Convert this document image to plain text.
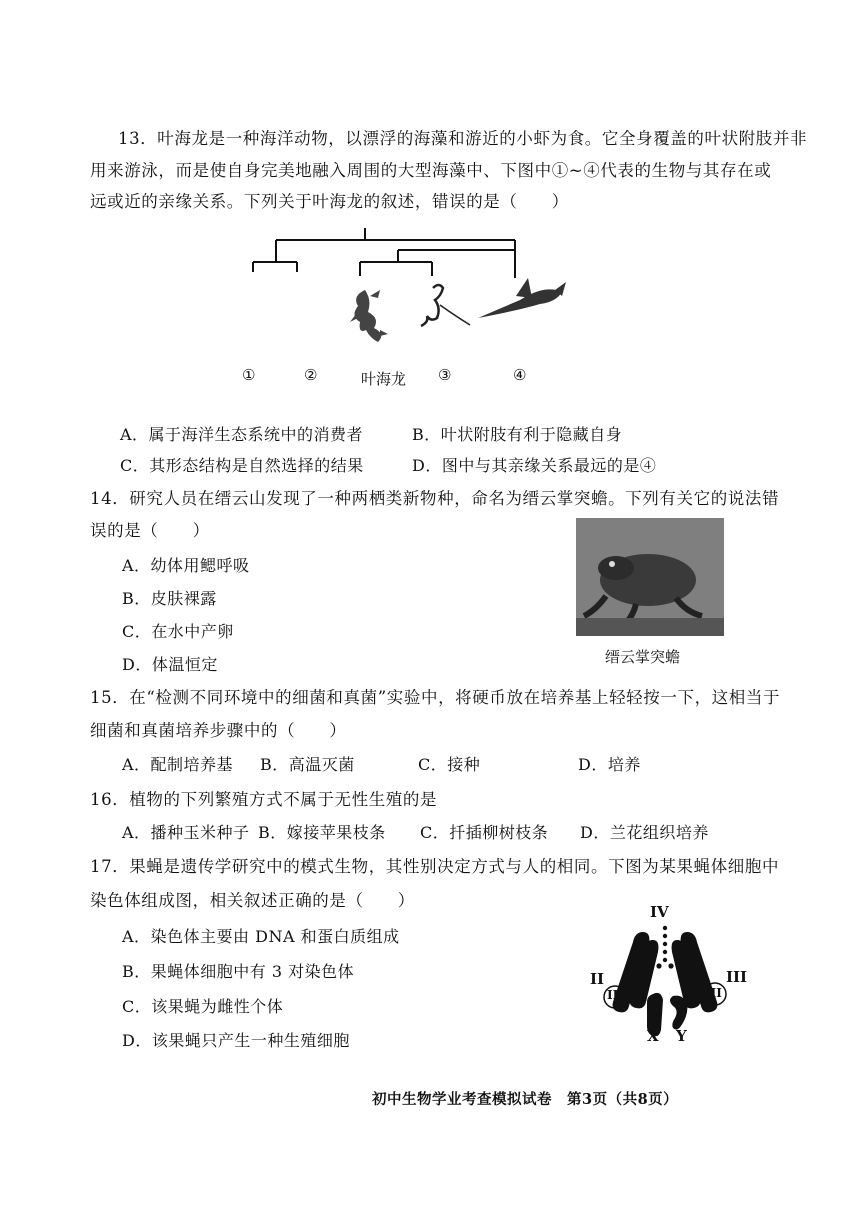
13．叶海龙是一种海洋动物，以漂浮的海藻和游近的小虾为食。它全身覆盖的叶状附肢并非
用来游泳，而是使自身完美地融入周围的大型海藻中、下图中①~④代表的生物与其存在或
远或近的亲缘关系。下列关于叶海龙的叙述，错误的是（　　）
①	②	叶海龙 ③	④
A．属于海洋生态系统中的消费者	B．叶状附肢有利于隐藏自身
C．其形态结构是自然选择的结果	D．图中与其亲缘关系最远的是④
14．研究人员在缙云山发现了一种两栖类新物种，命名为缙云掌突蟾。下列有关它的说法错
误的是（　　）
A．幼体用鳃呼吸
B．皮肤裸露
C．在水中产卵
D．体温恒定	缙云掌突蟾
15．在“检测不同环境中的细菌和真菌”实验中，将硬币放在培养基上轻轻按一下，这相当于
细菌和真菌培养步骤中的（　　）
A．配制培养基 B．高温灭菌	C．接种	D．培养
16．植物的下列繁殖方式不属于无性生殖的是
A．播种玉米种子 B．嫁接苹果枝条 C．扦插柳树枝条 D．兰花组织培养
17．果蝇是遗传学研究中的模式生物，其性别决定方式与人的相同。下图为某果蝇体细胞中
染色体组成图，相关叙述正确的是（　　）
A．染色体主要由 DNA 和蛋白质组成
B．果蝇体细胞中有 3 对染色体
C．该果蝇为雌性个体
D．该果蝇只产生一种生殖细胞
IV
II
II
III
III
X Y
初中生物学业考查模拟试卷　第3页（共8页）
